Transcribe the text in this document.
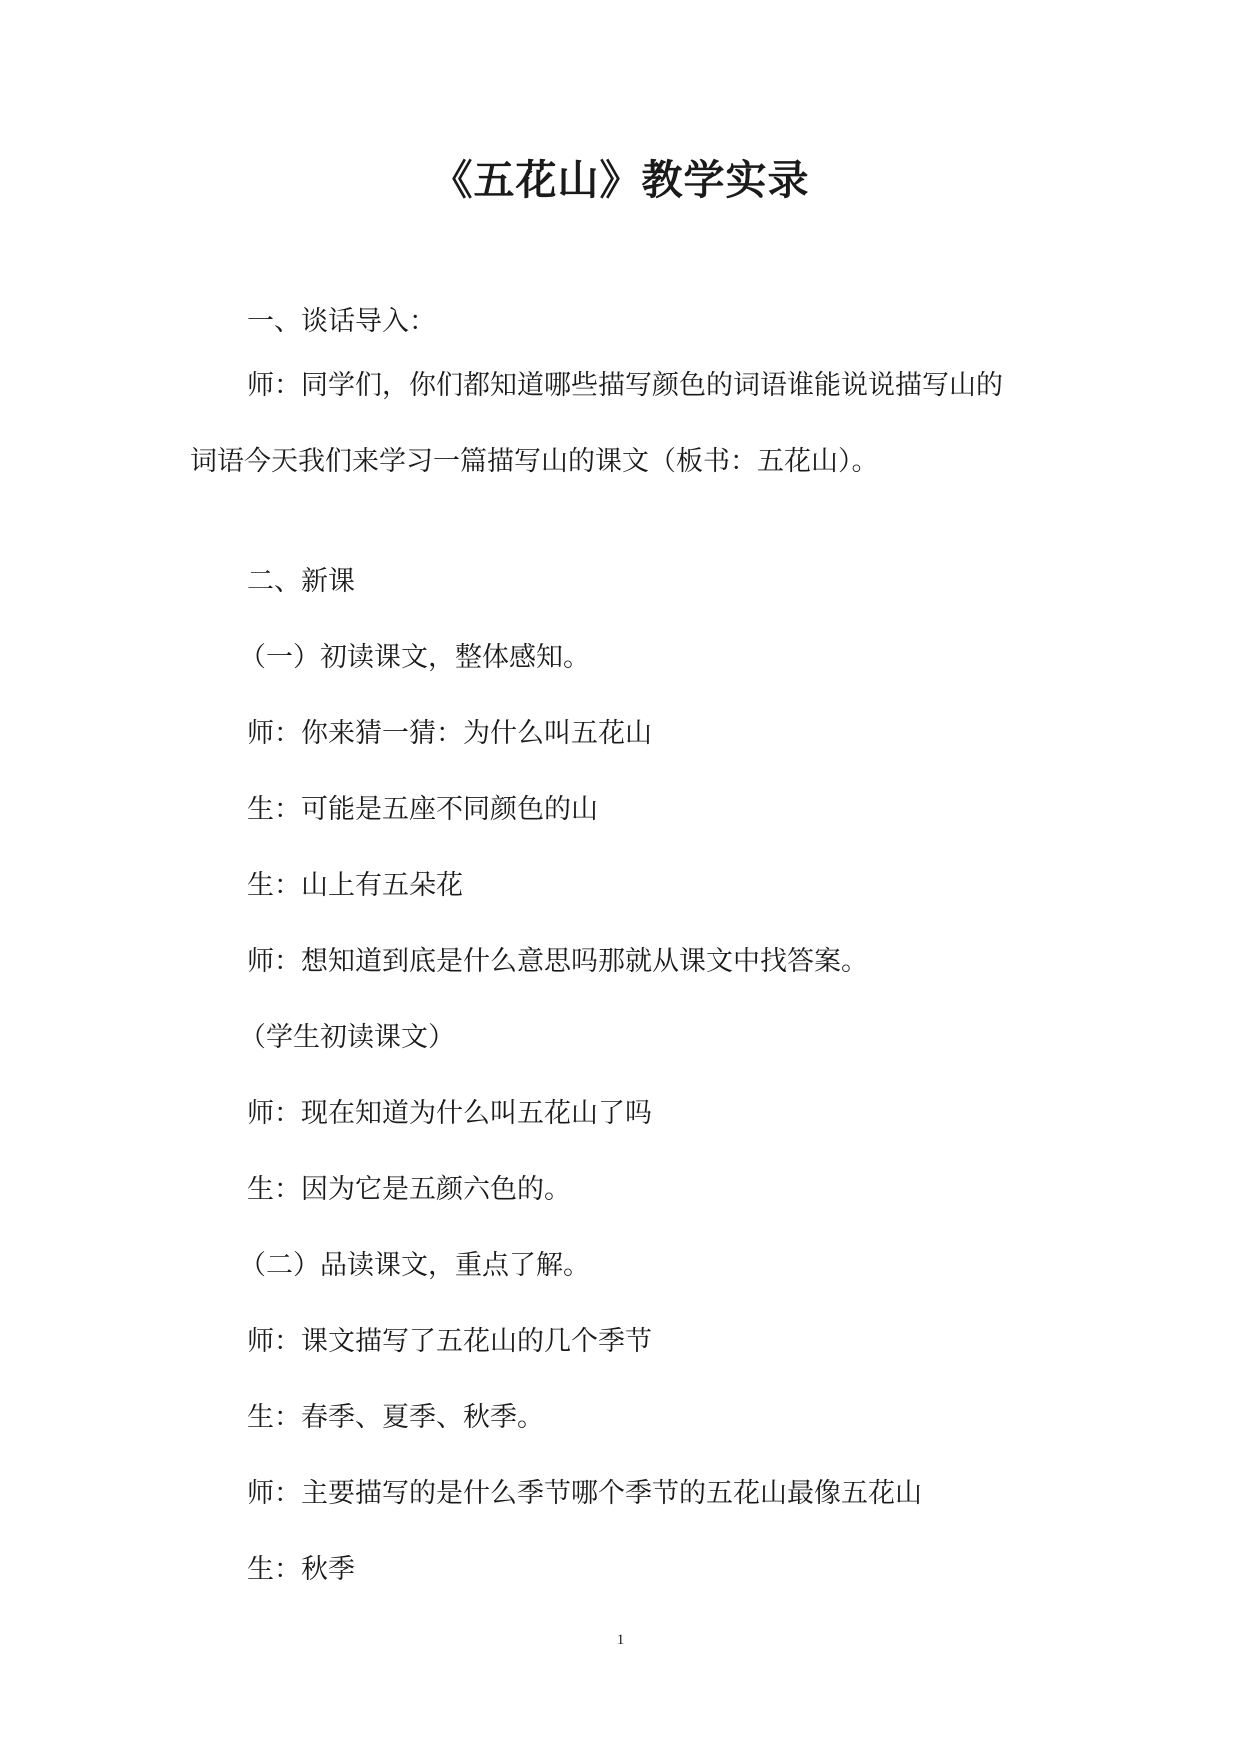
《五花山》教学实录
一、谈话导入：
师：同学们，你们都知道哪些描写颜色的词语谁能说说描写山的
词语今天我们来学习一篇描写山的课文（板书：五花山）。
二、新课
（一）初读课文，整体感知。
师：你来猜一猜：为什么叫五花山
生：可能是五座不同颜色的山
生：山上有五朵花
师：想知道到底是什么意思吗那就从课文中找答案。
（学生初读课文）
师：现在知道为什么叫五花山了吗
生：因为它是五颜六色的。
（二）品读课文，重点了解。
师：课文描写了五花山的几个季节
生：春季、夏季、秋季。
师：主要描写的是什么季节哪个季节的五花山最像五花山
生：秋季
1
